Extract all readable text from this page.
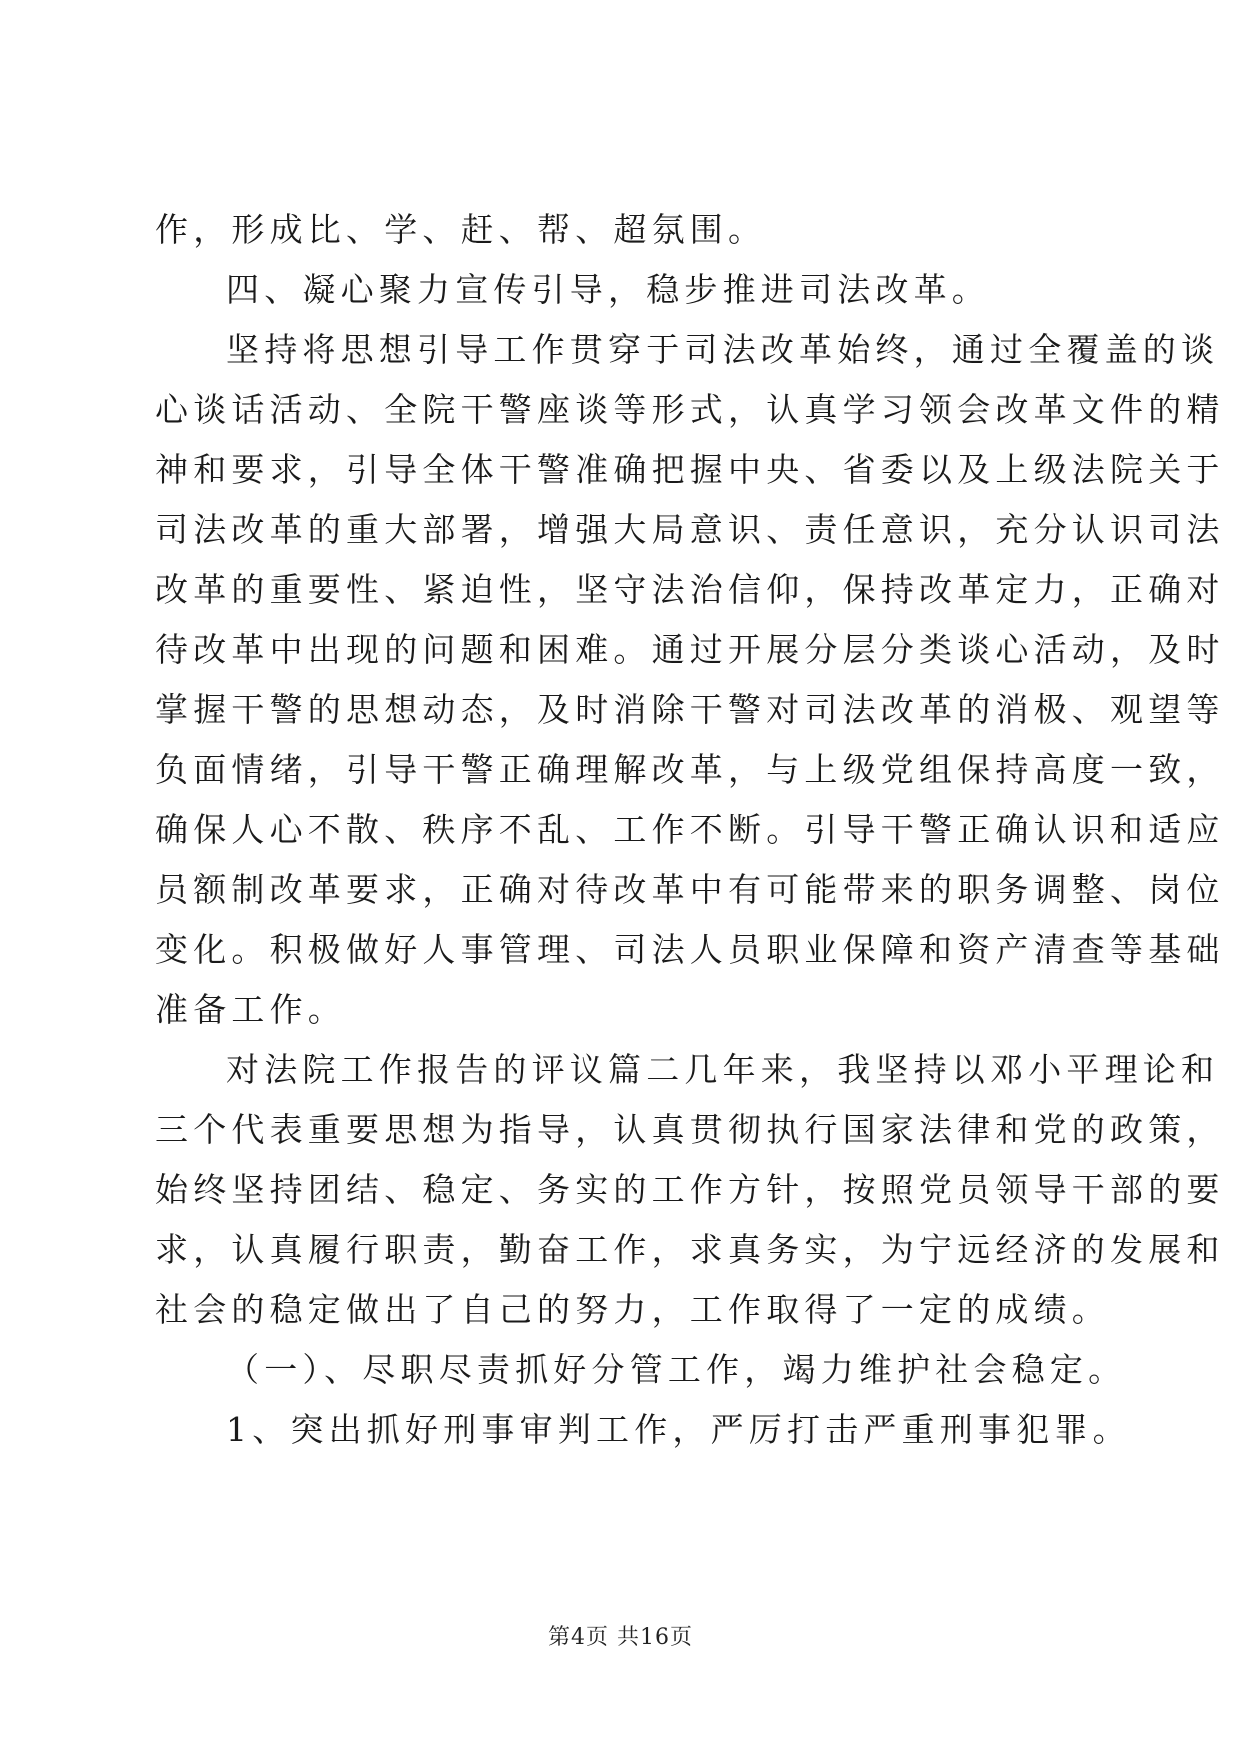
作，形成比、学、赶、帮、超氛围。
四、凝心聚力宣传引导，稳步推进司法改革。
坚持将思想引导工作贯穿于司法改革始终，通过全覆盖的谈
心谈话活动、全院干警座谈等形式，认真学习领会改革文件的精
神和要求，引导全体干警准确把握中央、省委以及上级法院关于
司法改革的重大部署，增强大局意识、责任意识，充分认识司法
改革的重要性、紧迫性，坚守法治信仰，保持改革定力，正确对
待改革中出现的问题和困难。通过开展分层分类谈心活动，及时
掌握干警的思想动态，及时消除干警对司法改革的消极、观望等
负面情绪，引导干警正确理解改革，与上级党组保持高度一致，
确保人心不散、秩序不乱、工作不断。引导干警正确认识和适应
员额制改革要求，正确对待改革中有可能带来的职务调整、岗位
变化。积极做好人事管理、司法人员职业保障和资产清查等基础
准备工作。
对法院工作报告的评议篇二几年来，我坚持以邓小平理论和
三个代表重要思想为指导，认真贯彻执行国家法律和党的政策，
始终坚持团结、稳定、务实的工作方针，按照党员领导干部的要
求，认真履行职责，勤奋工作，求真务实，为宁远经济的发展和
社会的稳定做出了自己的努力，工作取得了一定的成绩。
（一）、尽职尽责抓好分管工作，竭力维护社会稳定。
1、突出抓好刑事审判工作，严厉打击严重刑事犯罪。
第4页 共16页
